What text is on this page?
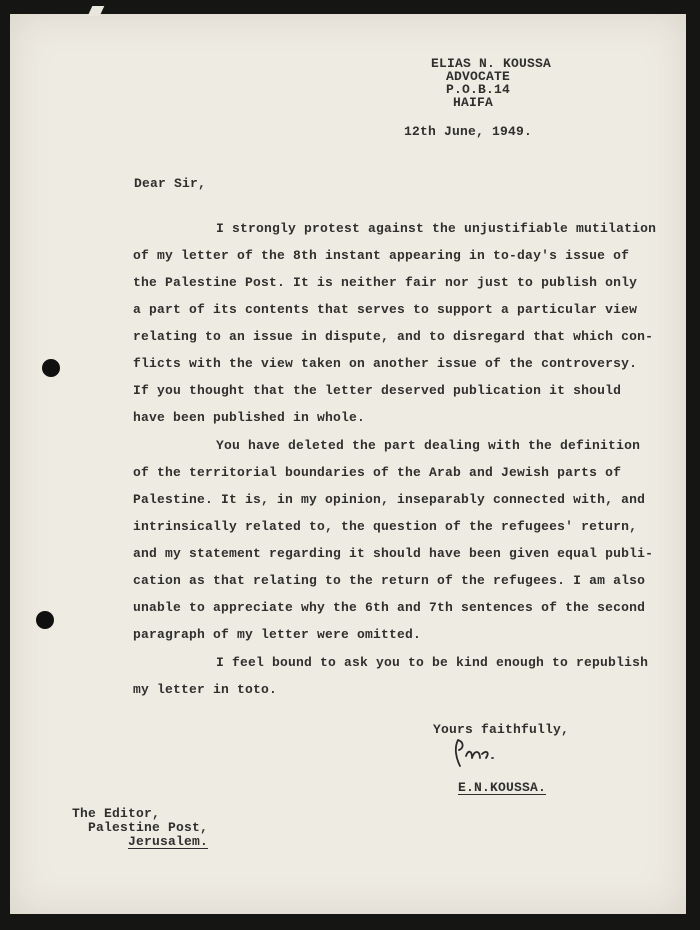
ELIAS N. KOUSSA
ADVOCATE
P.O.B.14
HAIFA
12th June, 1949.
Dear Sir,
I strongly protest against the unjustifiable mutilation
of my letter of the 8th instant appearing in to-day's issue of
the Palestine Post. It is neither fair nor just to publish only
a part of its contents that serves to support a particular view
relating to an issue in dispute, and to disregard that which con-
flicts with the view taken on another issue of the controversy.
If you thought that the letter deserved publication it should
have been published in whole.
You have deleted the part dealing with the definition
of the territorial boundaries of the Arab and Jewish parts of
Palestine. It is, in my opinion, inseparably connected with, and
intrinsically related to, the question of the refugees' return,
and my statement regarding it should have been given equal publi-
cation as that relating to the return of the refugees. I am also
unable to appreciate why the 6th and 7th sentences of the second
paragraph of my letter were omitted.
I feel bound to ask you to be kind enough to republish
my letter in toto.
Yours faithfully,
E.N.KOUSSA.
The Editor,
Palestine Post,
Jerusalem.
